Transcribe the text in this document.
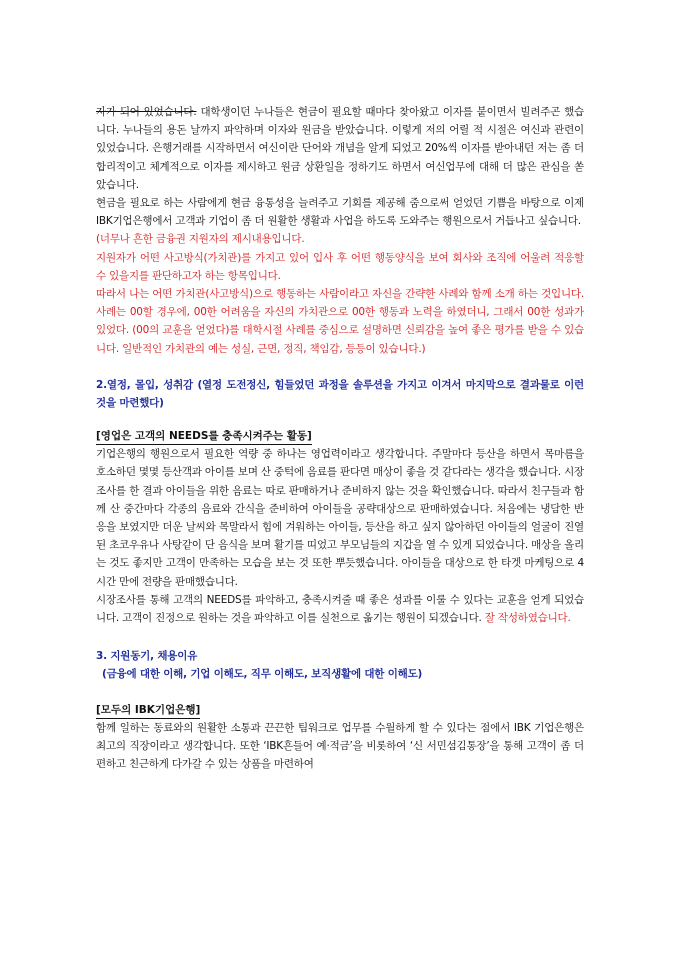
자가 되어 있었습니다. 대학생이던 누나들은 현금이 필요할 때마다 찾아왔고 이자를 붙이면서 빌려주곤 했습니다. 누나들의 용돈 날까지 파악하며 이자와 원금을 받았습니다. 이렇게 저의 어릴 적 시절은 여신과 관련이 있었습니다. 은행거래를 시작하면서 여신이란 단어와 개념을 알게 되었고 20%씩 이자를 받아내던 저는 좀 더 합리적이고 체계적으로 이자를 제시하고 원금 상환일을 정하기도 하면서 여신업무에 대해 더 많은 관심을 쏟았습니다.

현금을 필요로 하는 사람에게 현금 융통성을 늘려주고 기회를 제공해 줌으로써 얻었던 기쁨을 바탕으로 이제 IBK기업은행에서 고객과 기업이 좀 더 원활한 생활과 사업을 하도록 도와주는 행원으로서 거듭나고 싶습니다.

(너무나 흔한 금융권 지원자의 제시내용입니다.
지원자가 어떤 사고방식(가치관)를 가지고 있어 입사 후 어떤 행동양식을 보여 회사와 조직에 어울려 적응할 수 있을지를 판단하고자 하는 항목입니다.
따라서 나는 어떤 가치관(사고방식)으로 행동하는 사람이라고 자신을 간략한 사례와 함께 소개 하는 것입니다. 사례는 00할 경우에, 00한 어려움을 자신의 가치관으로 00한 행동과 노력을 하였더니, 그래서 00한 성과가 있었다. (00의 교훈을 얻었다)를 대학시절 사례를 중심으로 설명하면 신뢰감을 높여 좋은 평가를 받을 수 있습니다. 일반적인 가치관의 예는 성실, 근면, 정직, 책임감, 등등이 있습니다.)

2.열정, 몰입, 성취감 (열정 도전정신, 힘들었던 과정을 솔루션을 가지고 이겨서 마지막으로 결과물로 이런 것을 마련했다)

[영업은 고객의 NEEDS를 충족시켜주는 활동]

기업은행의 행원으로서 필요한 역량 중 하나는 영업력이라고 생각합니다. 주말마다 등산을 하면서 목마름을 호소하던 몇몇 등산객과 아이를 보며 산 중턱에 음료를 판다면 매상이 좋을 것 같다라는 생각을 했습니다. 시장조사를 한 결과 아이들을 위한 음료는 따로 판매하거나 준비하지 않는 것을 확인했습니다. 따라서 친구들과 함께 산 중간마다 각종의 음료와 간식을 준비하여 아이들을 공략대상으로 판매하였습니다. 처음에는 냉담한 반응을 보였지만 더운 날씨와 목말라서 힘에 겨워하는 아이들, 등산을 하고 싶지 않아하던 아이들의 얼굴이 진열된 초코우유나 사탕같이 단 음식을 보며 활기를 띠었고 부모님들의 지갑을 열 수 있게 되었습니다. 매상을 올리는 것도 좋지만 고객이 만족하는 모습을 보는 것 또한 뿌듯했습니다. 아이들을 대상으로 한 타겟 마케팅으로 4시간 만에 전량을 판매했습니다.

시장조사를 통해 고객의 NEEDS를 파악하고, 충족시켜줄 때 좋은 성과를 이룰 수 있다는 교훈을 얻게 되었습니다. 고객이 진정으로 원하는 것을 파악하고 이를 실천으로 옮기는 행원이 되겠습니다. 잘 작성하였습니다.

3. 지원동기, 채용이유

(금융에 대한 이해, 기업 이해도, 직무 이해도, 보직생활에 대한 이해도)

[모두의 IBK기업은행]

함께 일하는 동료와의 원활한 소통과 끈끈한 팀워크로 업무를 수월하게 할 수 있다는 점에서 IBK 기업은행은 최고의 직장이라고 생각합니다. 또한 ‘IBK흔들어 예·적금’을 비롯하여 ‘신 서민섬김통장’을 통해 고객이 좀 더 편하고 친근하게 다가갈 수 있는 상품을 마련하여
